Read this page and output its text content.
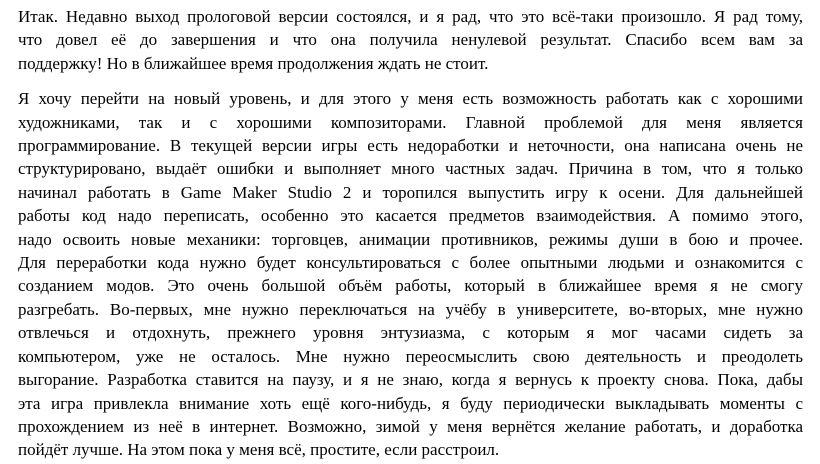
Итак. Недавно выход прологовой версии состоялся, и я рад, что это всё-таки произошло. Я рад тому,
что довел её до завершения и что она получила ненулевой результат. Спасибо всем вам за
поддержку! Но в ближайшее время продолжения ждать не стоит.

Я хочу перейти на новый уровень, и для этого у меня есть возможность работать как с хорошими
художниками, так и с хорошими композиторами. Главной проблемой для меня является
программирование. В текущей версии игры есть недоработки и неточности, она написана очень не
структурировано, выдаёт ошибки и выполняет много частных задач. Причина в том, что я только
начинал работать в Game Maker Studio 2 и торопился выпустить игру к осени. Для дальнейшей
работы код надо переписать, особенно это касается предметов взаимодействия. А помимо этого,
надо освоить новые механики: торговцев, анимации противников, режимы души в бою и прочее.
Для переработки кода нужно будет консультироваться с более опытными людьми и ознакомится с
созданием модов. Это очень большой объём работы, который в ближайшее время я не смогу
разгребать. Во-первых, мне нужно переключаться на учёбу в университете, во-вторых, мне нужно
отвлечься и отдохнуть, прежнего уровня энтузиазма, с которым я мог часами сидеть за
компьютером, уже не осталось. Мне нужно переосмыслить свою деятельность и преодолеть
выгорание. Разработка ставится на паузу, и я не знаю, когда я вернусь к проекту снова. Пока, дабы
эта игра привлекла внимание хоть ещё кого-нибудь, я буду периодически выкладывать моменты с
прохождением из неё в интернет. Возможно, зимой у меня вернётся желание работать, и доработка
пойдёт лучше. На этом пока у меня всё, простите, если расстроил.
